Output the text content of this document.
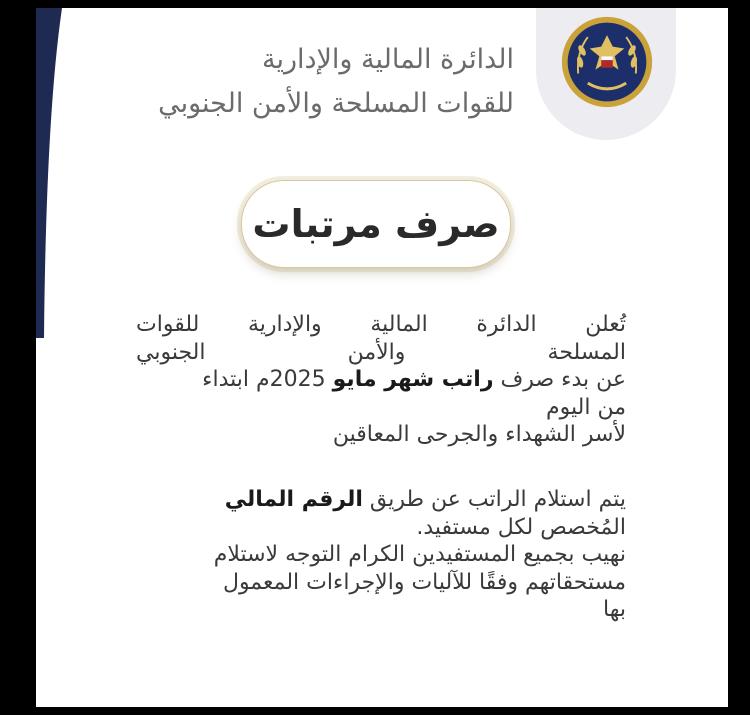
الدائرة المالية والإدارية
للقوات المسلحة والأمن الجنوبي
صرف مرتبات
تُعلن الدائرة المالية والإدارية للقوات
المسلحة والأمن الجنوبي
عن بدء صرف راتب شهر مايو 2025م ابتداء
من اليوم
لأسر الشهداء والجرحى المعاقين
يتم استلام الراتب عن طريق الرقم المالي
المُخصص لكل مستفيد.
نهيب بجميع المستفيدين الكرام التوجه لاستلام
مستحقاتهم وفقًا للآليات والإجراءات المعمول
بها
